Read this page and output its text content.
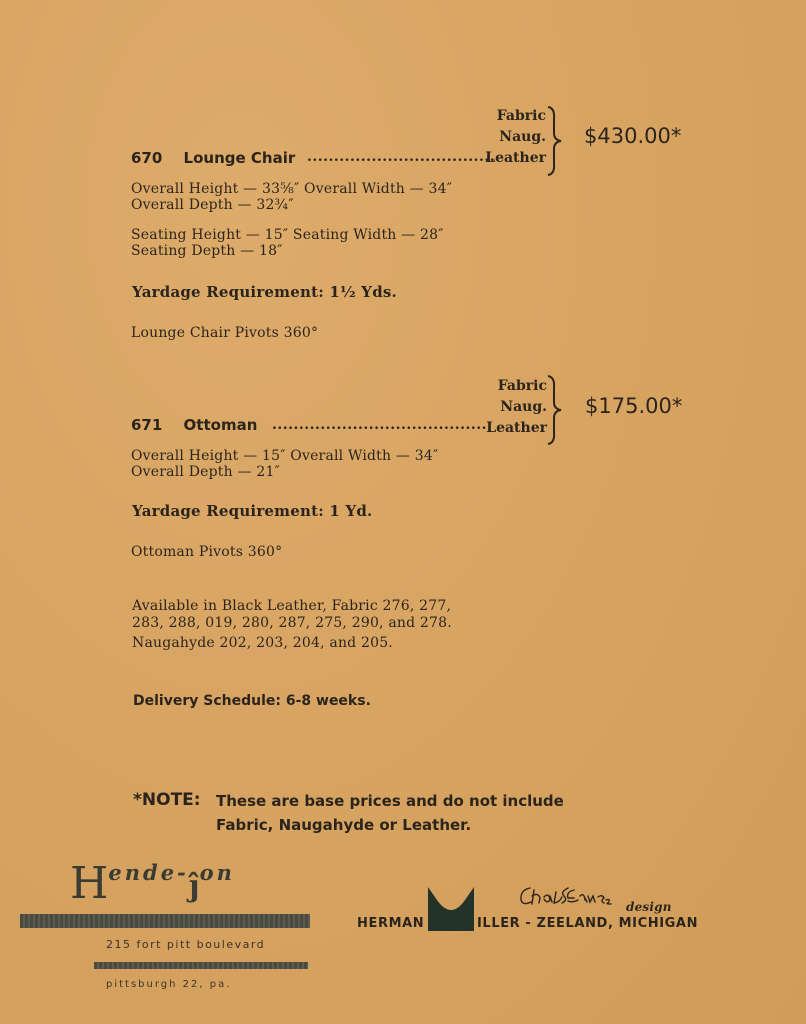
Fabric
Naug.
Leather
$430.00*
670 Lounge Chair ...................................
Overall Height — 33⅝″ Overall Width — 34″
Overall Depth — 32¾″
Seating Height — 15″ Seating Width — 28″
Seating Depth — 18″
Yardage Requirement: 1½ Yds.
Lounge Chair Pivots 360°
Fabric
Naug.
Leather
$175.00*
671 Ottoman ........................................
Overall Height — 15″ Overall Width — 34″
Overall Depth — 21″
Yardage Requirement: 1 Yd.
Ottoman Pivots 360°
Available in Black Leather, Fabric 276, 277,
283, 288, 019, 280, 287, 275, 290, and 278.
Naugahyde 202, 203, 204, and 205.
Delivery Schedule: 6-8 weeks.
*NOTE: These are base prices and do not include
Fabric, Naugahyde or Leather.
Hende-ĵon
215 fort pitt boulevard
pittsburgh 22, pa.
design
HERMAN	ILLER - ZEELAND, MICHIGAN
